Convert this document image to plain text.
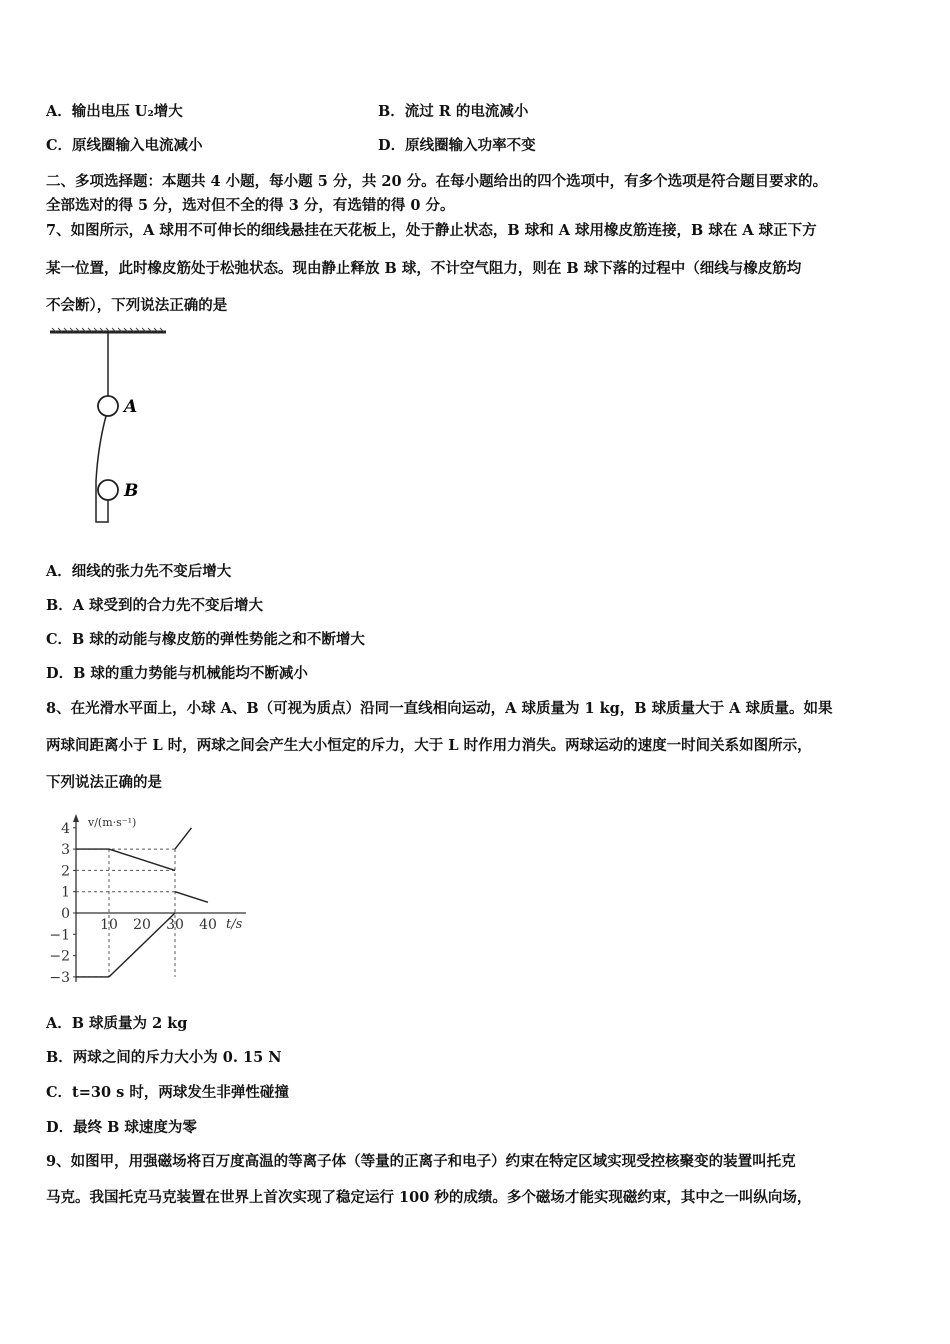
A．输出电压 U₂增大	B．流过 R 的电流减小
C．原线圈输入电流减小	D．原线圈输入功率不变
二、多项选择题：本题共 4 小题，每小题 5 分，共 20 分。在每小题给出的四个选项中，有多个选项是符合题目要求的。
全部选对的得 5 分，选对但不全的得 3 分，有选错的得 0 分。
7、如图所示，A 球用不可伸长的细线悬挂在天花板上，处于静止状态，B 球和 A 球用橡皮筋连接，B 球在 A 球正下方
某一位置，此时橡皮筋处于松弛状态。现由静止释放 B 球，不计空气阻力，则在 B 球下落的过程中（细线与橡皮筋均
不会断），下列说法正确的是
A
B
A．细线的张力先不变后增大
B．A 球受到的合力先不变后增大
C．B 球的动能与橡皮筋的弹性势能之和不断增大
D．B 球的重力势能与机械能均不断减小
8、在光滑水平面上，小球 A、B（可视为质点）沿同一直线相向运动，A 球质量为 1 kg，B 球质量大于 A 球质量。如果
两球间距离小于 L 时，两球之间会产生大小恒定的斥力，大于 L 时作用力消失。两球运动的速度一时间关系如图所示，
下列说法正确的是
v/(m·s⁻¹)
t/s
4
3
2
1
0
−1
−2
−3
10 20 30 40
A．B 球质量为 2 kg
B．两球之间的斥力大小为 0. 15 N
C．t=30 s 时，两球发生非弹性碰撞
D．最终 B 球速度为零
9、如图甲，用强磁场将百万度高温的等离子体（等量的正离子和电子）约束在特定区域实现受控核聚变的装置叫托克
马克。我国托克马克装置在世界上首次实现了稳定运行 100 秒的成绩。多个磁场才能实现磁约束，其中之一叫纵向场，
